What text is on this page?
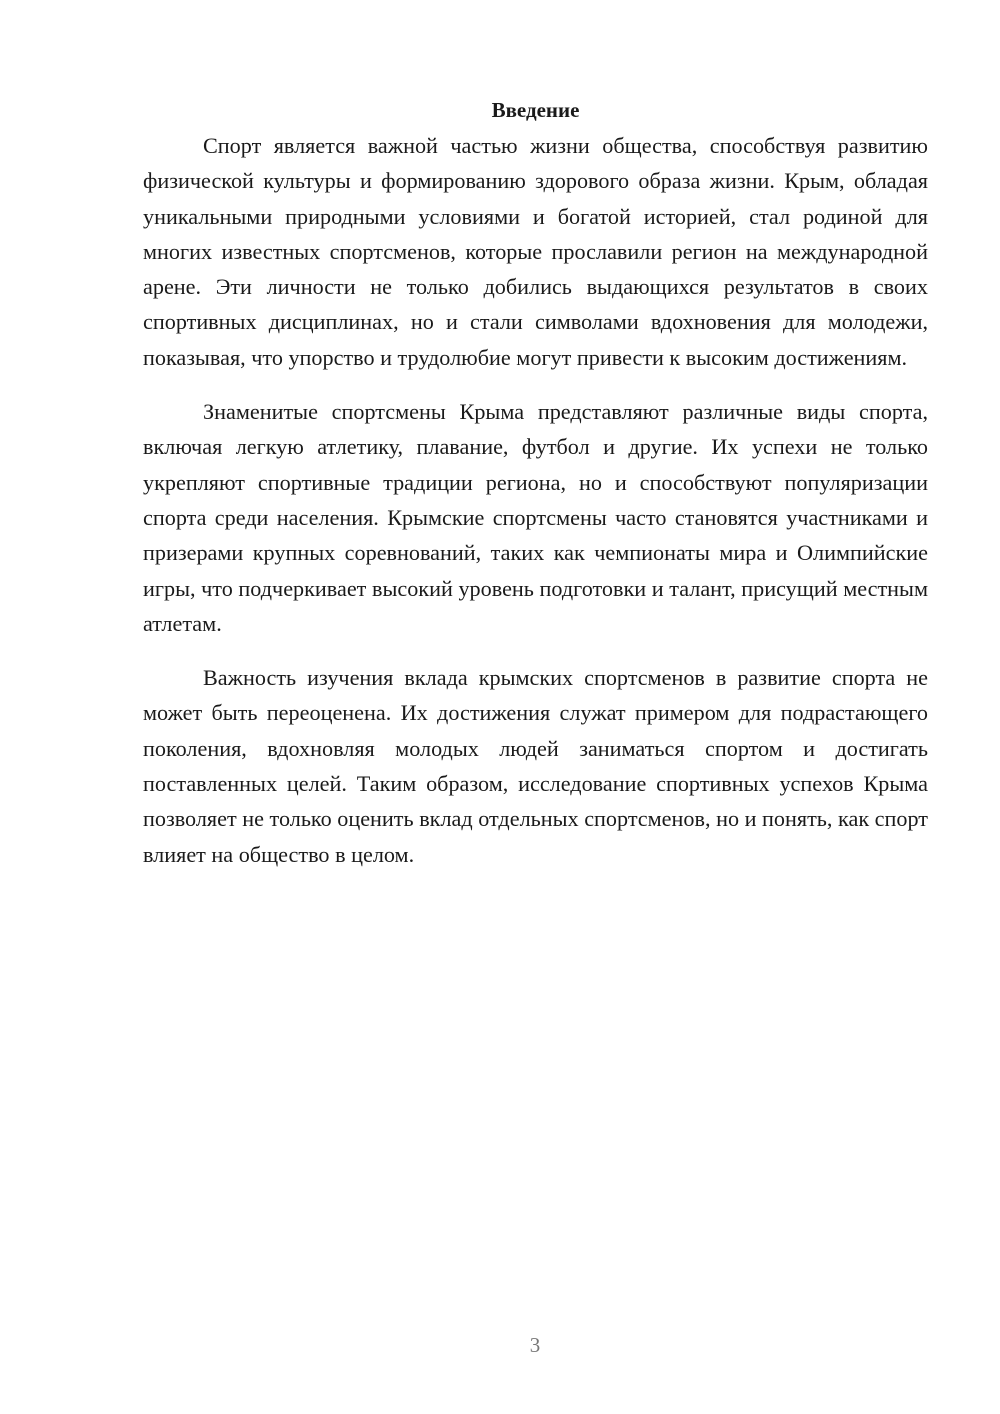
Введение

Спорт является важной частью жизни общества, способствуя развитию физической культуры и формированию здорового образа жизни. Крым, обладая уникальными природными условиями и богатой историей, стал родиной для многих известных спортсменов, которые прославили регион на международной арене. Эти личности не только добились выдающихся результатов в своих спортивных дисциплинах, но и стали символами вдохновения для молодежи, показывая, что упорство и трудолюбие могут привести к высоким достижениям.

Знаменитые спортсмены Крыма представляют различные виды спорта, включая легкую атлетику, плавание, футбол и другие. Их успехи не только укрепляют спортивные традиции региона, но и способствуют популяризации спорта среди населения. Крымские спортсмены часто становятся участниками и призерами крупных соревнований, таких как чемпионаты мира и Олимпийские игры, что подчеркивает высокий уровень подготовки и талант, присущий местным атлетам.

Важность изучения вклада крымских спортсменов в развитие спорта не может быть переоценена. Их достижения служат примером для подрастающего поколения, вдохновляя молодых людей заниматься спортом и достигать поставленных целей. Таким образом, исследование спортивных успехов Крыма позволяет не только оценить вклад отдельных спортсменов, но и понять, как спорт влияет на общество в целом.

3
